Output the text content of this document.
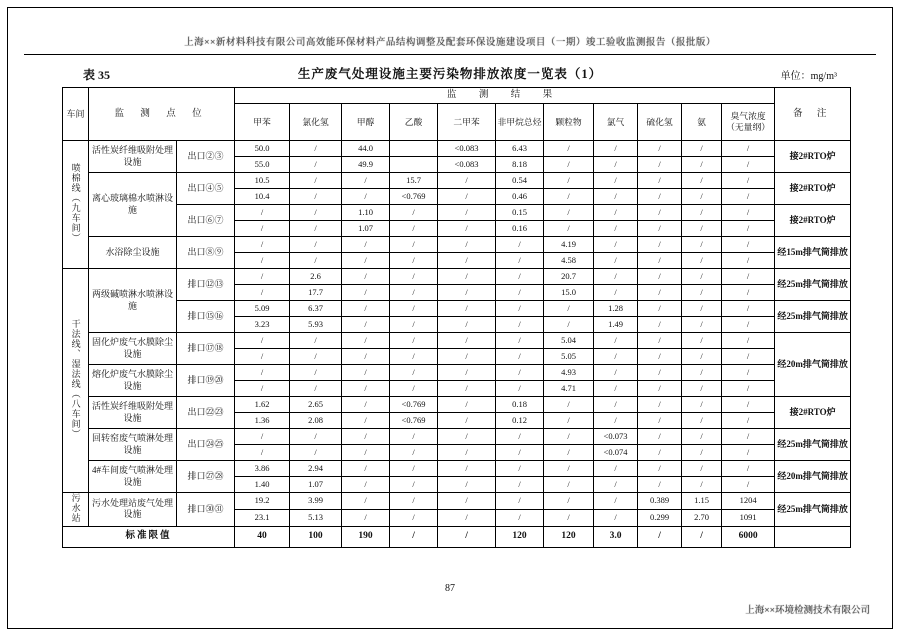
上海××新材料科技有限公司高效能环保材料产品结构调整及配套环保设施建设项目（一期）竣工验收监测报告（报批版）
表 35	生产废气处理设施主要污染物排放浓度一览表（1）	单位：mg/m³
车间	监 测 点 位		监 测 结 果											备 注
			甲苯	氯化氢	甲醇	乙酸	二甲苯	非甲烷总烃	颗粒物	氯气	硫化氢	氨	臭气浓度（无量纲）	
喷棉线（九车间）	活性炭纤维吸附处理设施	出口②③	50.0	/	44.0		<0.083	6.43	/	/	/	/	/	接2#RTO炉
			55.0	/	49.9		<0.083	8.18	/	/	/	/	/	
	离心玻璃棉水喷淋设施	出口④⑤	10.5	/	/	15.7	/	0.54	/	/	/	/	/	接2#RTO炉
			10.4	/	/	<0.769	/	0.46	/	/	/	/	/	
		出口⑥⑦	/	/	1.10	/	/	0.15	/	/	/	/	/	接2#RTO炉
			/	/	1.07	/	/	0.16	/	/	/	/	/	
	水浴除尘设施	出口⑧⑨	/	/	/	/	/	/	4.19	/	/	/	/	经15m排气筒排放
			/	/	/	/	/	/	4.58	/	/	/	/	
干法线、湿法线（八车间）	两级碱喷淋水喷淋设施	排口⑫⑬	/	2.6	/	/	/	/	20.7	/	/	/	/	经25m排气筒排放
			/	17.7	/	/	/	/	15.0	/	/	/	/	
		排口⑮⑯	5.09	6.37	/	/	/	/	/	1.28	/	/	/	经25m排气筒排放
			3.23	5.93	/	/	/	/	/	1.49	/	/	/	
	固化炉废气水膜除尘设施	排口⑰⑱	/	/	/	/	/	/	5.04	/	/	/	/	经20m排气筒排放
			/	/	/	/	/	/	5.05	/	/	/	/	
	熔化炉废气水膜除尘设施	排口⑲⑳	/	/	/	/	/	/	4.93	/	/	/	/	
			/	/	/	/	/	/	4.71	/	/	/	/	
	活性炭纤维吸附处理设施	出口㉒㉓	1.62	2.65	/	<0.769	/	0.18	/	/	/	/	/	接2#RTO炉
			1.36	2.08	/	<0.769	/	0.12	/	/	/	/	/	
	回转窑废气喷淋处理设施	出口㉔㉕	/	/	/	/	/	/	/	<0.073	/	/	/	经25m排气筒排放
			/	/	/	/	/	/	/	<0.074	/	/	/	
	4#车间废气喷淋处理设施	排口㉗㉘	3.86	2.94	/	/	/	/	/	/	/	/	/	经20m排气筒排放
			1.40	1.07	/	/	/	/	/	/	/	/	/	
污水站	污水处理站废气处理设施	排口㉚㉛	19.2	3.99	/	/	/	/	/	/	0.389	1.15	1204	经25m排气筒排放
			23.1	5.13	/	/	/	/	/	/	0.299	2.70	1091	
标准限值			40	100	190	/	/	120	120	3.0	/	/	6000	
87
上海××环境检测技术有限公司
